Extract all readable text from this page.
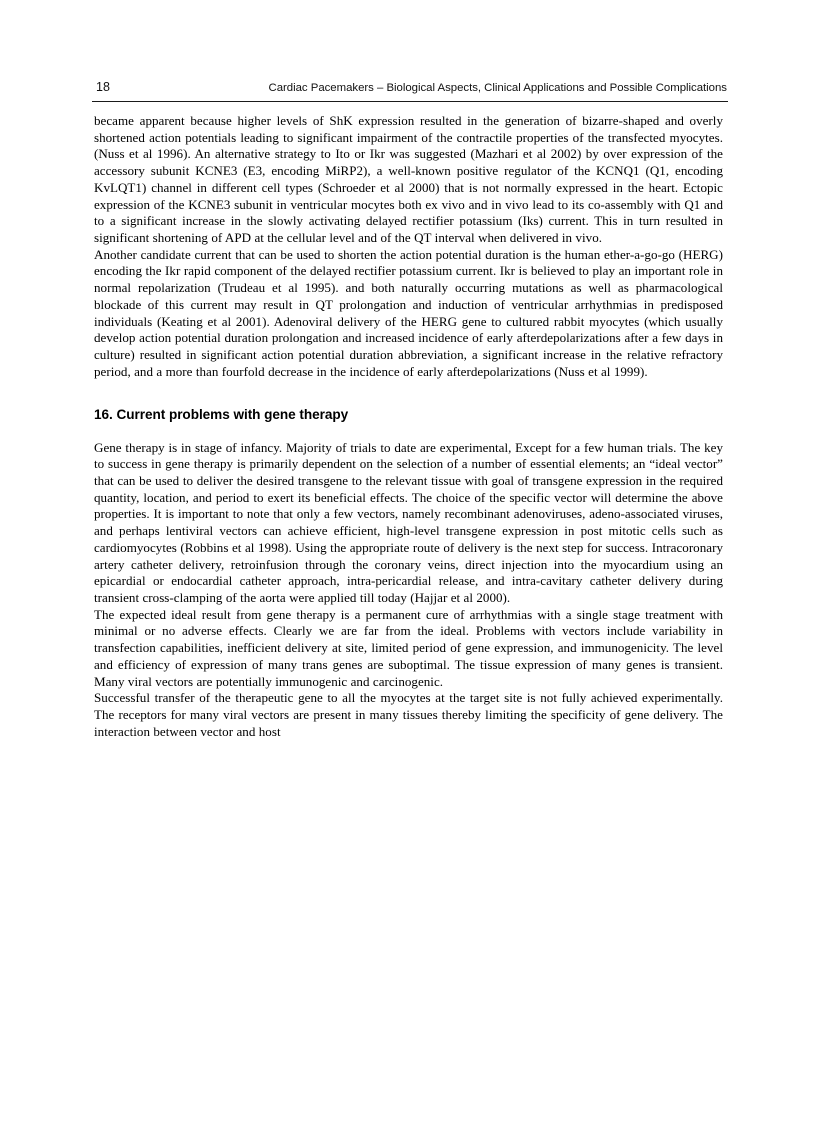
18	Cardiac Pacemakers – Biological Aspects, Clinical Applications and Possible Complications

became apparent because higher levels of ShK expression resulted in the generation of bizarre-shaped and overly shortened action potentials leading to significant impairment of the contractile properties of the transfected myocytes. (Nuss et al 1996). An alternative strategy to Ito or Ikr was suggested (Mazhari et al 2002) by over expression of the accessory subunit KCNE3 (E3, encoding MiRP2), a well-known positive regulator of the KCNQ1 (Q1, encoding KvLQT1) channel in different cell types (Schroeder et al 2000) that is not normally expressed in the heart. Ectopic expression of the KCNE3 subunit in ventricular mocytes both ex vivo and in vivo lead to its co-assembly with Q1 and to a significant increase in the slowly activating delayed rectifier potassium (Iks) current. This in turn resulted in significant shortening of APD at the cellular level and of the QT interval when delivered in vivo.

Another candidate current that can be used to shorten the action potential duration is the human ether-a-go-go (HERG) encoding the Ikr rapid component of the delayed rectifier potassium current. Ikr is believed to play an important role in normal repolarization (Trudeau et al 1995). and both naturally occurring mutations as well as pharmacological blockade of this current may result in QT prolongation and induction of ventricular arrhythmias in predisposed individuals (Keating et al 2001). Adenoviral delivery of the HERG gene to cultured rabbit myocytes (which usually develop action potential duration prolongation and increased incidence of early afterdepolarizations after a few days in culture) resulted in significant action potential duration abbreviation, a significant increase in the relative refractory period, and a more than fourfold decrease in the incidence of early afterdepolarizations (Nuss et al 1999).

16. Current problems with gene therapy

Gene therapy is in stage of infancy. Majority of trials to date are experimental, Except for a few human trials. The key to success in gene therapy is primarily dependent on the selection of a number of essential elements; an “ideal vector” that can be used to deliver the desired transgene to the relevant tissue with goal of transgene expression in the required quantity, location, and period to exert its beneficial effects. The choice of the specific vector will determine the above properties. It is important to note that only a few vectors, namely recombinant adenoviruses, adeno-associated viruses, and perhaps lentiviral vectors can achieve efficient, high-level transgene expression in post mitotic cells such as cardiomyocytes (Robbins et al 1998). Using the appropriate route of delivery is the next step for success. Intracoronary artery catheter delivery, retroinfusion through the coronary veins, direct injection into the myocardium using an epicardial or endocardial catheter approach, intra-pericardial release, and intra-cavitary catheter delivery during transient cross-clamping of the aorta were applied till today (Hajjar et al 2000).

The expected ideal result from gene therapy is a permanent cure of arrhythmias with a single stage treatment with minimal or no adverse effects. Clearly we are far from the ideal. Problems with vectors include variability in transfection capabilities, inefficient delivery at site, limited period of gene expression, and immunogenicity. The level and efficiency of expression of many trans genes are suboptimal. The tissue expression of many genes is transient. Many viral vectors are potentially immunogenic and carcinogenic.

Successful transfer of the therapeutic gene to all the myocytes at the target site is not fully achieved experimentally. The receptors for many viral vectors are present in many tissues thereby limiting the specificity of gene delivery. The interaction between vector and host
